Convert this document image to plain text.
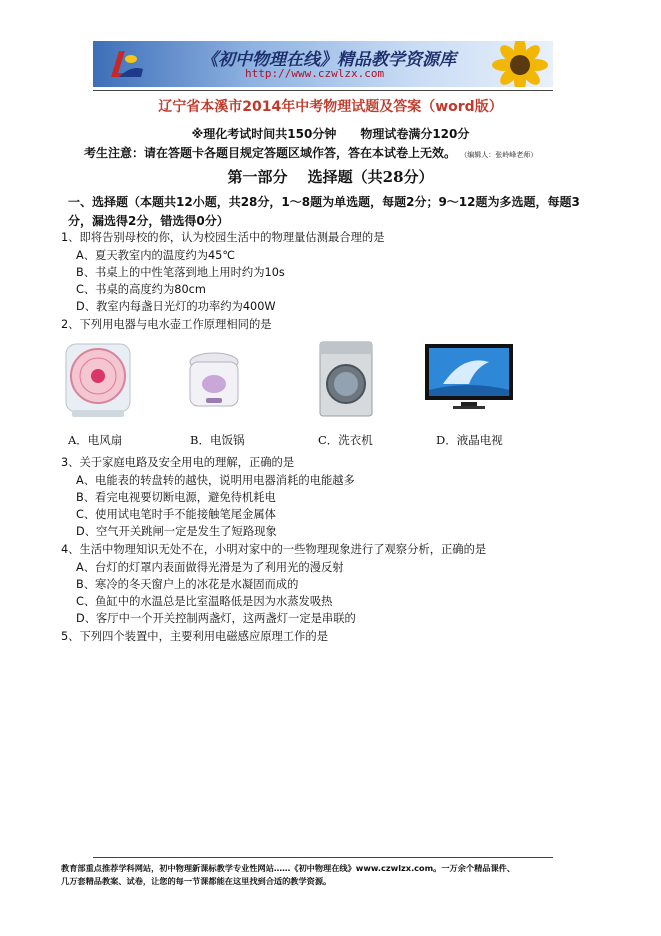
《初中物理在线》精品教学资源库
http://www.czwlzx.com
辽宁省本溪市2014年中考物理试题及答案（word版）
※理化考试时间共150分钟　　物理试卷满分120分
考生注意：请在答题卡各题目规定答题区域作答，答在本试卷上无效。 （编辑人：张岭峰老师）
第一部分　 选择题（共28分）
一、选择题（本题共12小题，共28分，1～8题为单选题，每题2分；9～12题为多选题，每题3分，漏选得2分，错选得0分）
1、即将告别母校的你，认为校园生活中的物理量估测最合理的是
A、夏天教室内的温度约为45℃
B、书桌上的中性笔落到地上用时约为10s
C、书桌的高度约为80cm
D、教室内每盏日光灯的功率约为400W
2、下列用电器与电水壶工作原理相同的是
A．电风扇	B．电饭锅	C．洗衣机	D．液晶电视
3、关于家庭电路及安全用电的理解，正确的是
A、电能表的转盘转的越快，说明用电器消耗的电能越多
B、看完电视要切断电源，避免待机耗电
C、使用试电笔时手不能接触笔尾金属体
D、空气开关跳闸一定是发生了短路现象
4、生活中物理知识无处不在，小明对家中的一些物理现象进行了观察分析，正确的是
A、台灯的灯罩内表面做得光滑是为了利用光的漫反射
B、寒冷的冬天窗户上的冰花是水凝固而成的
C、鱼缸中的水温总是比室温略低是因为水蒸发吸热
D、客厅中一个开关控制两盏灯，这两盏灯一定是串联的
5、下列四个装置中，主要利用电磁感应原理工作的是
教育部重点推荐学科网站，初中物理新课标教学专业性网站……《初中物理在线》www.czwlzx.com。一万余个精品课件、
几万套精品教案、试卷，让您的每一节课都能在这里找到合适的教学资源。
